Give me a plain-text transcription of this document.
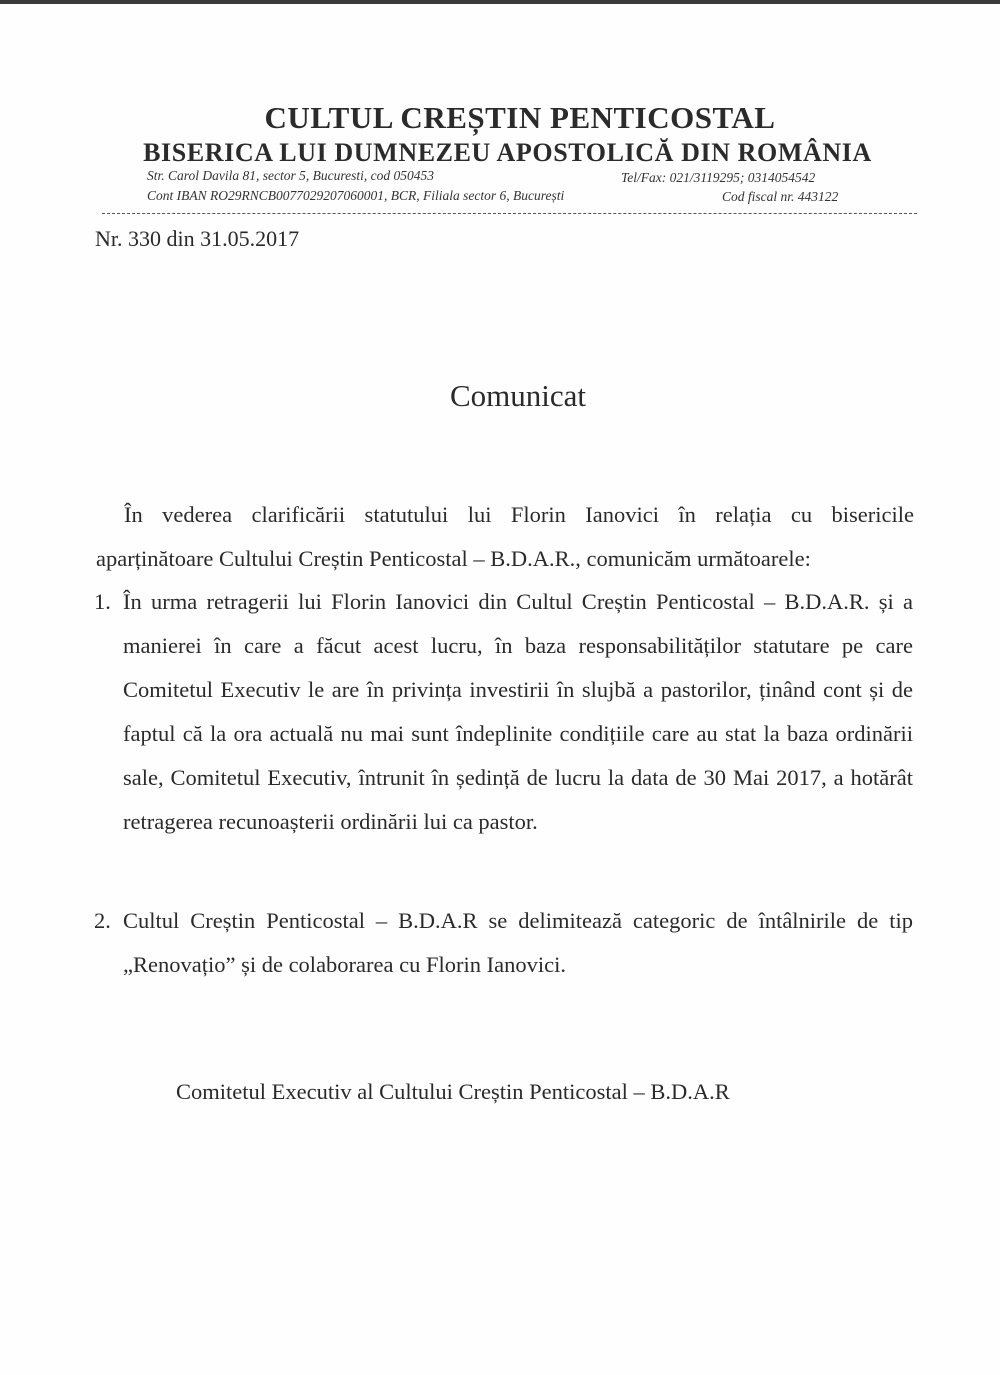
CULTUL CREȘTIN PENTICOSTAL
BISERICA LUI DUMNEZEU APOSTOLICĂ DIN ROMÂNIA
Str. Carol Davila 81, sector 5, Bucuresti, cod 050453	Tel/Fax: 021/3119295; 0314054542
Cont IBAN RO29RNCB0077029207060001, BCR, Filiala sector 6, București	Cod fiscal nr. 443122
Nr. 330 din 31.05.2017
Comunicat
În vederea clarificării statutului lui Florin Ianovici în relația cu bisericile
aparținătoare Cultului Creștin Penticostal – B.D.A.R., comunicăm următoarele:
1. În urma retragerii lui Florin Ianovici din Cultul Creștin Penticostal – B.D.A.R. și a manierei în care a făcut acest lucru, în baza responsabilităților statutare pe care Comitetul Executiv le are în privința investirii în slujbă a pastorilor, ținând cont și de faptul că la ora actuală nu mai sunt îndeplinite condițiile care au stat la baza ordinării sale, Comitetul Executiv, întrunit în ședință de lucru la data de 30 Mai 2017, a hotărât retragerea recunoașterii ordinării lui ca pastor.
2. Cultul Creștin Penticostal – B.D.A.R se delimitează categoric de întâlnirile de tip „Renovațio” și de colaborarea cu Florin Ianovici.
Comitetul Executiv al Cultului Creștin Penticostal – B.D.A.R
